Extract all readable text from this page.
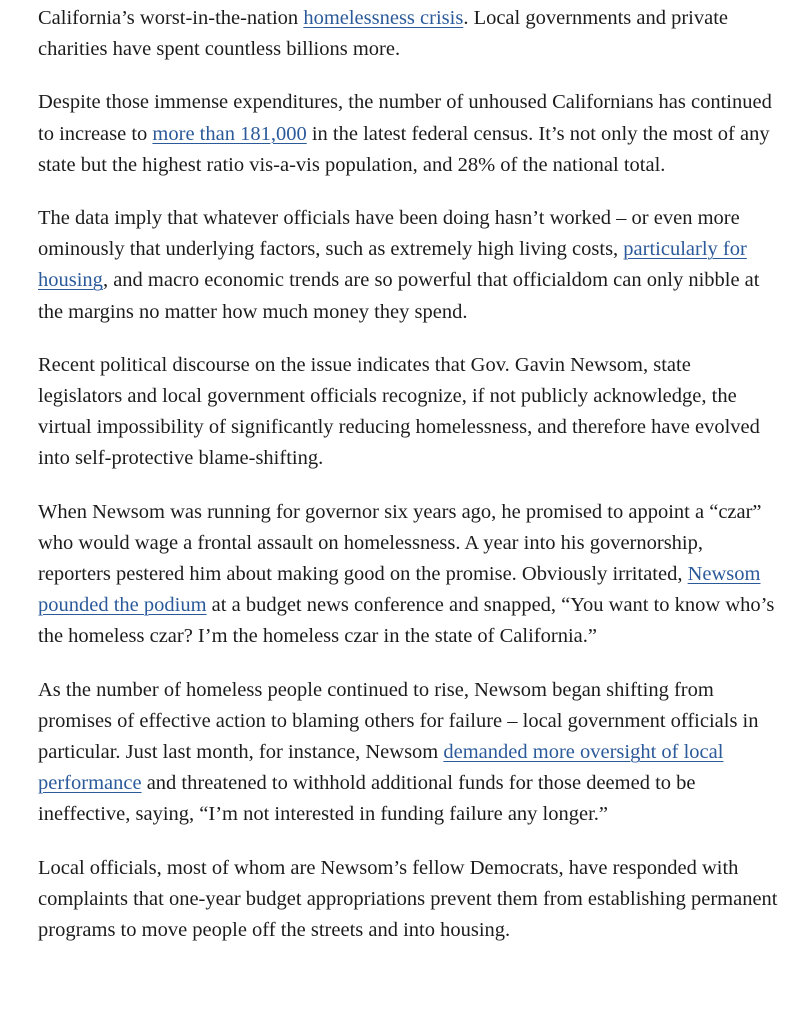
California’s worst-in-the-nation homelessness crisis. Local governments and private charities have spent countless billions more.

Despite those immense expenditures, the number of unhoused Californians has continued to increase to more than 181,000 in the latest federal census. It’s not only the most of any state but the highest ratio vis-a-vis population, and 28% of the national total.

The data imply that whatever officials have been doing hasn’t worked – or even more ominously that underlying factors, such as extremely high living costs, particularly for housing, and macro economic trends are so powerful that officialdom can only nibble at the margins no matter how much money they spend.

Recent political discourse on the issue indicates that Gov. Gavin Newsom, state legislators and local government officials recognize, if not publicly acknowledge, the virtual impossibility of significantly reducing homelessness, and therefore have evolved into self-protective blame-shifting.

When Newsom was running for governor six years ago, he promised to appoint a “czar” who would wage a frontal assault on homelessness. A year into his governorship, reporters pestered him about making good on the promise. Obviously irritated, Newsom pounded the podium at a budget news conference and snapped, “You want to know who’s the homeless czar? I’m the homeless czar in the state of California.”

As the number of homeless people continued to rise, Newsom began shifting from promises of effective action to blaming others for failure – local government officials in particular. Just last month, for instance, Newsom demanded more oversight of local performance and threatened to withhold additional funds for those deemed to be ineffective, saying, “I’m not interested in funding failure any longer.”

Local officials, most of whom are Newsom’s fellow Democrats, have responded with complaints that one-year budget appropriations prevent them from establishing permanent programs to move people off the streets and into housing.
